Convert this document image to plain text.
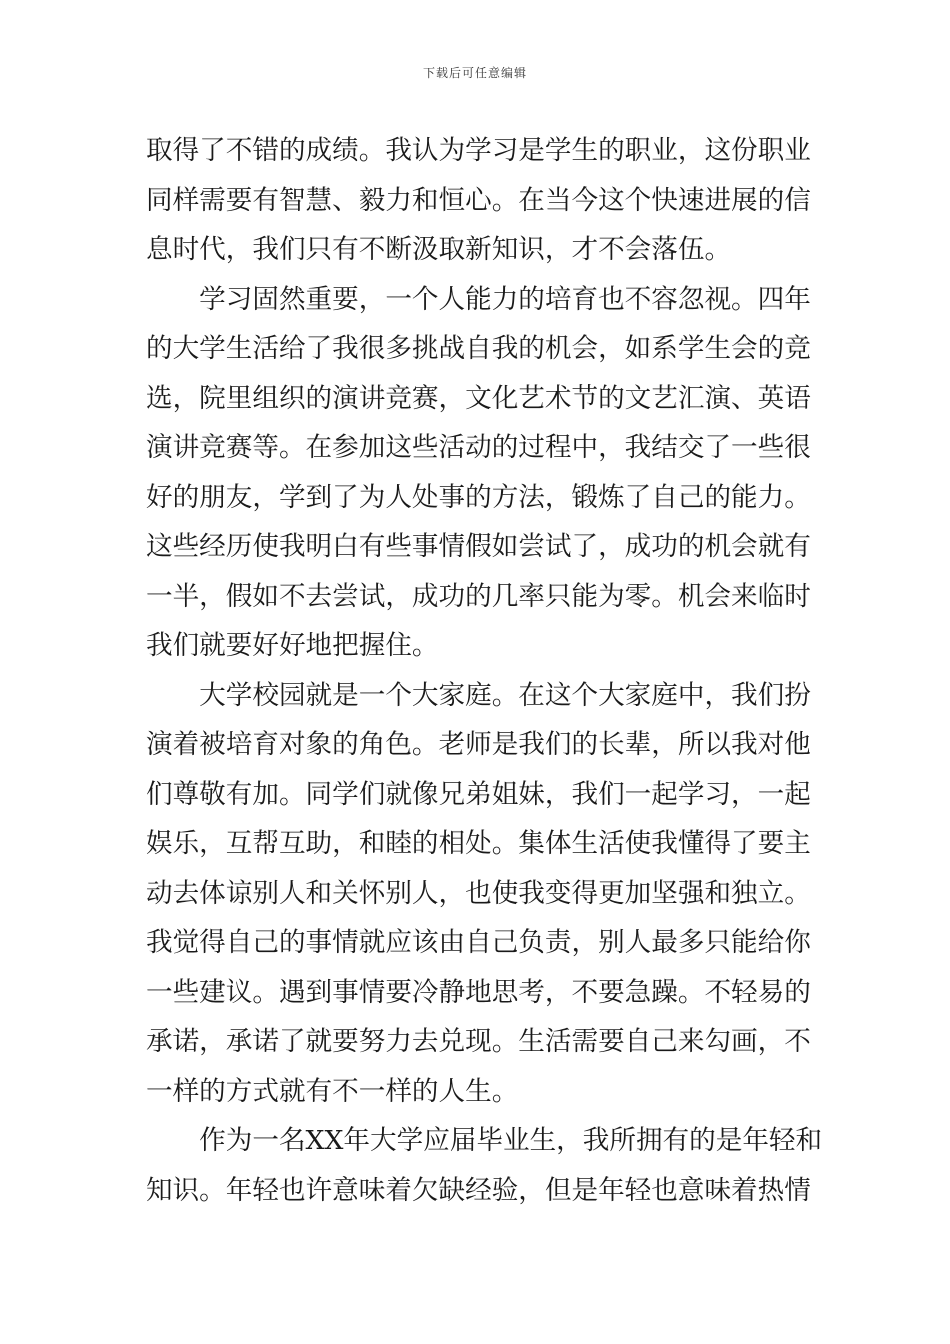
下载后可任意编辑
取得了不错的成绩。我认为学习是学生的职业，这份职业
同样需要有智慧、毅力和恒心。在当今这个快速进展的信
息时代，我们只有不断汲取新知识，才不会落伍。
　　学习固然重要，一个人能力的培育也不容忽视。四年
的大学生活给了我很多挑战自我的机会，如系学生会的竞
选，院里组织的演讲竞赛，文化艺术节的文艺汇演、英语
演讲竞赛等。在参加这些活动的过程中，我结交了一些很
好的朋友，学到了为人处事的方法，锻炼了自己的能力。
这些经历使我明白有些事情假如尝试了，成功的机会就有
一半，假如不去尝试，成功的几率只能为零。机会来临时
我们就要好好地把握住。
　　大学校园就是一个大家庭。在这个大家庭中，我们扮
演着被培育对象的角色。老师是我们的长辈，所以我对他
们尊敬有加。同学们就像兄弟姐妹，我们一起学习，一起
娱乐，互帮互助，和睦的相处。集体生活使我懂得了要主
动去体谅别人和关怀别人，也使我变得更加坚强和独立。
我觉得自己的事情就应该由自己负责，别人最多只能给你
一些建议。遇到事情要冷静地思考，不要急躁。不轻易的
承诺，承诺了就要努力去兑现。生活需要自己来勾画，不
一样的方式就有不一样的人生。
　　作为一名XX年大学应届毕业生，我所拥有的是年轻和
知识。年轻也许意味着欠缺经验，但是年轻也意味着热情
